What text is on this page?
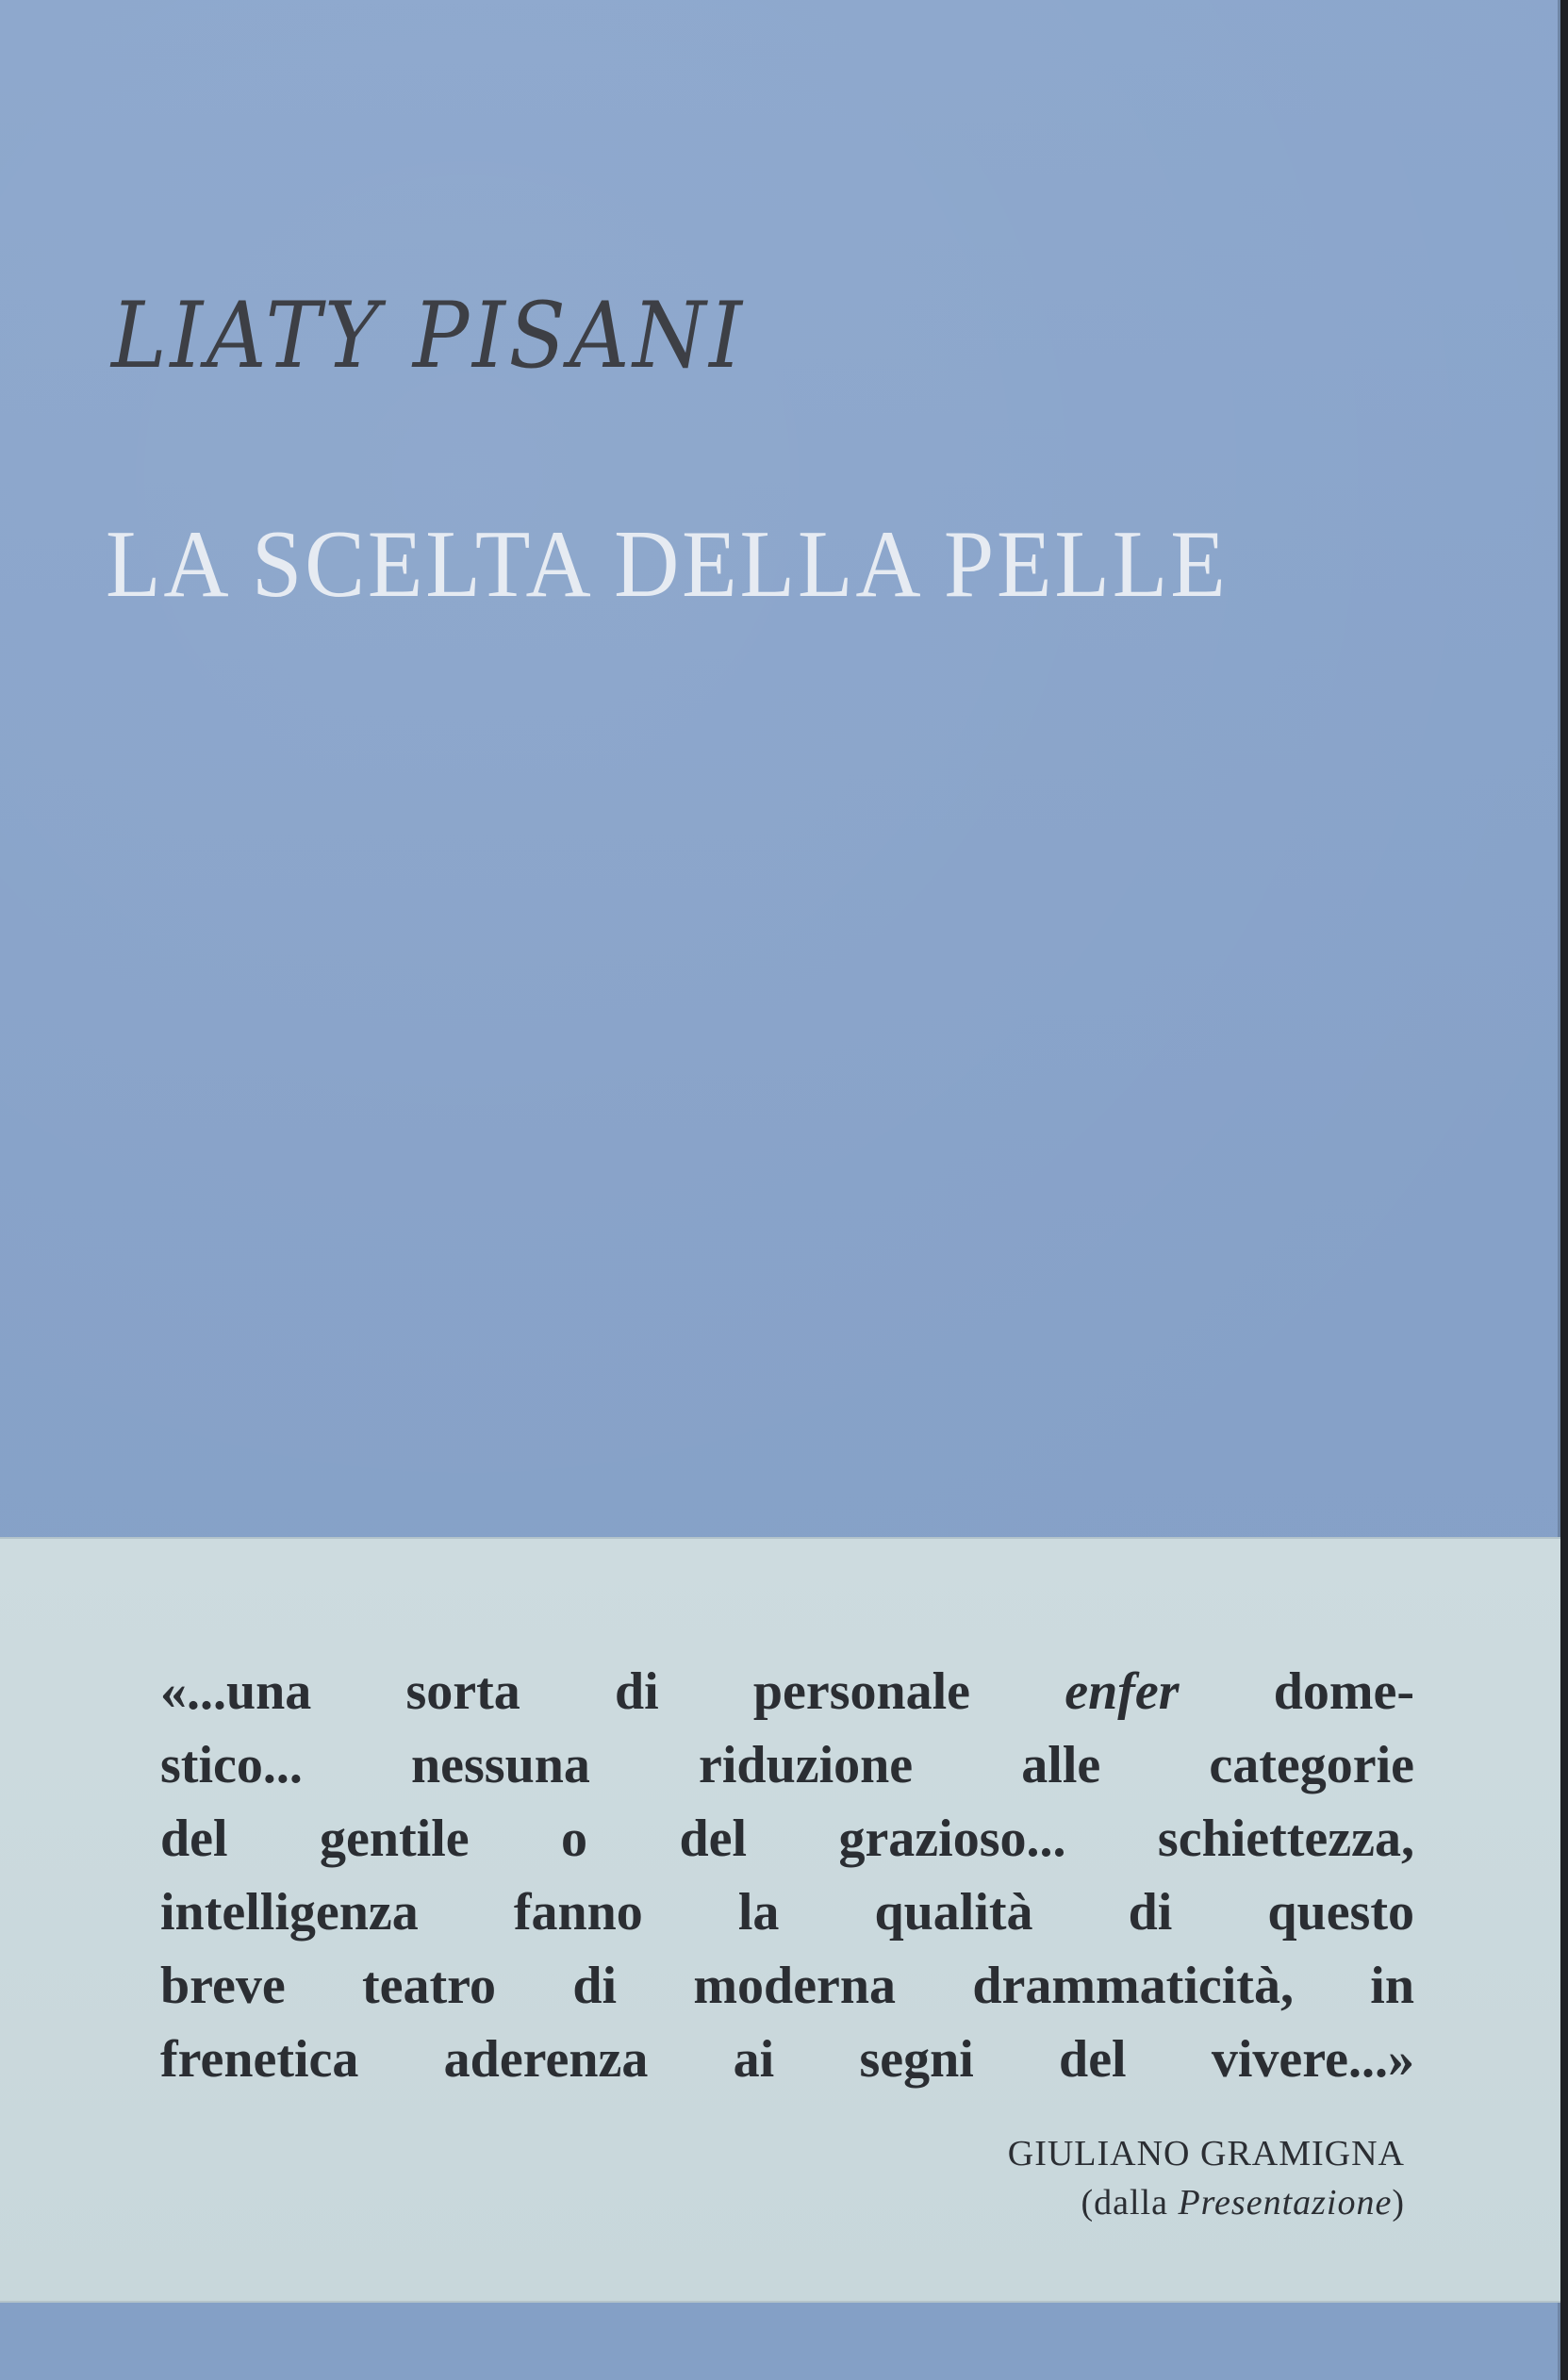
LIATY PISANI
LA SCELTA DELLA PELLE
«...una sorta di personale enfer dome-
stico... nessuna riduzione alle categorie
del gentile o del grazioso... schiettezza,
intelligenza fanno la qualità di questo
breve teatro di moderna drammaticità, in
frenetica aderenza ai segni del vivere...»
GIULIANO GRAMIGNA
(dalla Presentazione)
